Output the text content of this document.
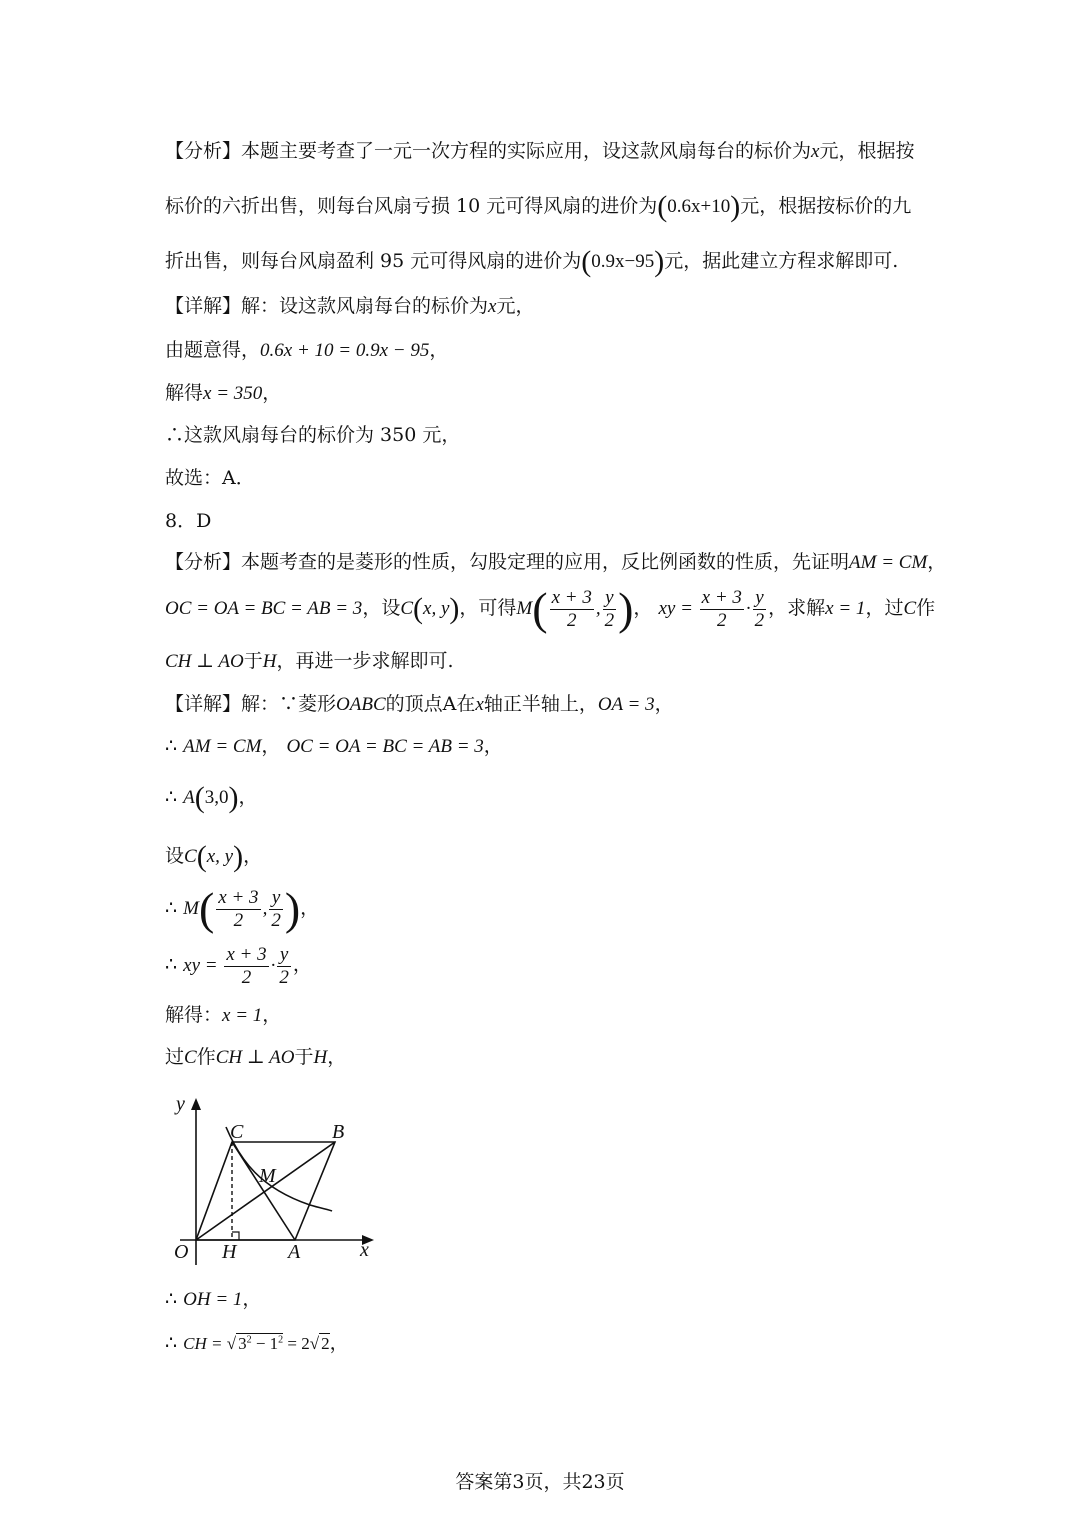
【分析】本题主要考查了一元一次方程的实际应用，设这款风扇每台的标价为x元，根据按
标价的六折出售，则每台风扇亏损 10 元可得风扇的进价为(0.6x+10)元，根据按标价的九
折出售，则每台风扇盈利 95 元可得风扇的进价为(0.9x−95)元，据此建立方程求解即可.
【详解】解：设这款风扇每台的标价为x元，
由题意得，0.6x + 10 = 0.9x − 95，
解得x = 350，
∴这款风扇每台的标价为 350 元，
故选：A．
8．D
【分析】本题考查的是菱形的性质，勾股定理的应用，反比例函数的性质，先证明AM = CM，
OC = OA = BC = AB = 3，设C(x, y)，可得$M( \frac{x + 3}{2}$ , $\frac{y}{2}$ )， xy = $\frac{x + 3}{2} \cdot \frac{y}{2}$ ，求解x = 1，过C作
CH ⊥ AO于H，再进一步求解即可.
【详解】解：∵菱形OABC的顶点A在x轴正半轴上，OA = 3，
∴ AM = CM， OC = OA = BC = AB = 3，
∴ A(3,0)，
设C(x, y)，
∴ $M( \frac{x + 3}{2}$ , $\frac{y}{2}$ )，
∴ xy = $\frac{x + 3}{2} \cdot \frac{y}{2}$ ，
解得：x = 1，
过C作CH ⊥ AO于H，
y
x
O H	A
B
C
M
∴ OH = 1，
∴ CH = √ $3^2 - 1^2 = 2√$ 2，
答案第3页，共23页
